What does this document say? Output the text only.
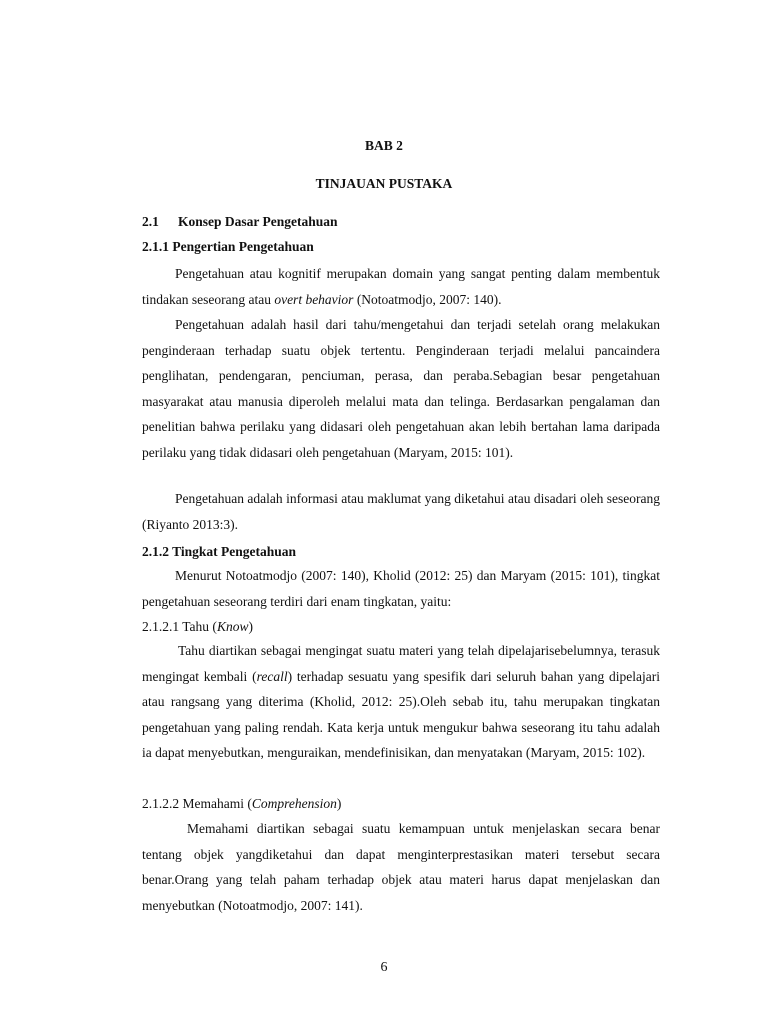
BAB 2

TINJAUAN PUSTAKA

2.1 Konsep Dasar Pengetahuan

2.1.1 Pengertian Pengetahuan

Pengetahuan atau kognitif merupakan domain yang sangat penting dalam membentuk tindakan seseorang atau overt behavior (Notoatmodjo, 2007: 140).

Pengetahuan adalah hasil dari tahu/mengetahui dan terjadi setelah orang melakukan penginderaan terhadap suatu objek tertentu. Penginderaan terjadi melalui pancaindera penglihatan, pendengaran, penciuman, perasa, dan peraba.Sebagian besar pengetahuan masyarakat atau manusia diperoleh melalui mata dan telinga. Berdasarkan pengalaman dan penelitian bahwa perilaku yang didasari oleh pengetahuan akan lebih bertahan lama daripada perilaku yang tidak didasari oleh pengetahuan (Maryam, 2015: 101).

Pengetahuan adalah informasi atau maklumat yang diketahui atau disadari oleh seseorang (Riyanto 2013:3).

2.1.2 Tingkat Pengetahuan

Menurut Notoatmodjo (2007: 140), Kholid (2012: 25) dan Maryam (2015: 101), tingkat pengetahuan seseorang terdiri dari enam tingkatan, yaitu:

2.1.2.1 Tahu (Know)

Tahu diartikan sebagai mengingat suatu materi yang telah dipelajarisebelumnya, terasuk mengingat kembali (recall) terhadap sesuatu yang spesifik dari seluruh bahan yang dipelajari atau rangsang yang diterima (Kholid, 2012: 25).Oleh sebab itu, tahu merupakan tingkatan pengetahuan yang paling rendah. Kata kerja untuk mengukur bahwa seseorang itu tahu adalah ia dapat menyebutkan, menguraikan, mendefinisikan, dan menyatakan (Maryam, 2015: 102).

2.1.2.2 Memahami (Comprehension)

Memahami diartikan sebagai suatu kemampuan untuk menjelaskan secara benar tentang objek yangdiketahui dan dapat menginterprestasikan materi tersebut secara benar.Orang yang telah paham terhadap objek atau materi harus dapat menjelaskan dan menyebutkan (Notoatmodjo, 2007: 141).

6
